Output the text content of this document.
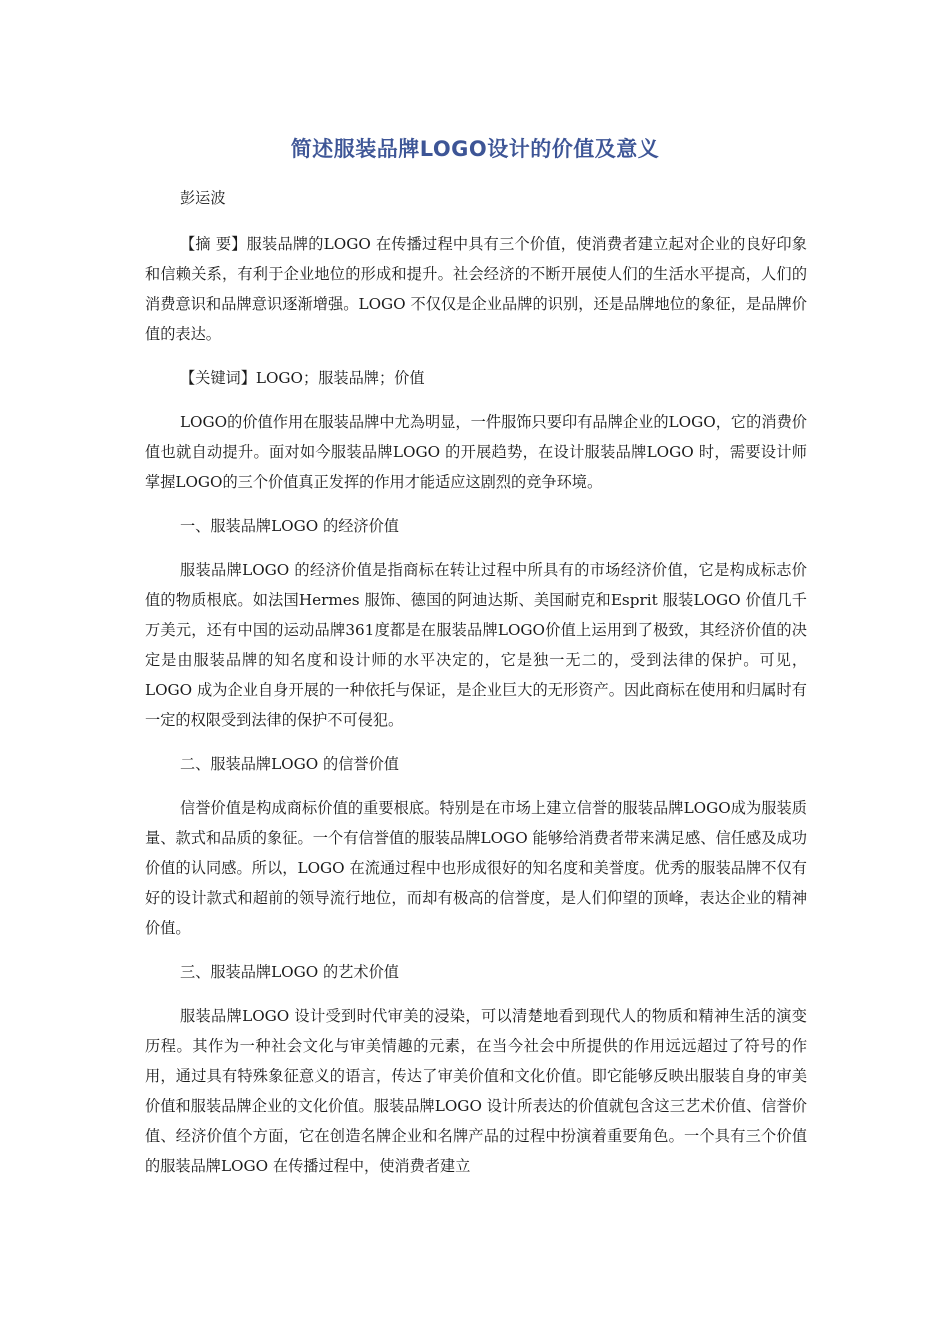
简述服装品牌LOGO设计的价值及意义

彭运波

【摘 要】服装品牌的LOGO 在传播过程中具有三个价值，使消费者建立起对企业的良好印象和信赖关系，有利于企业地位的形成和提升。社会经济的不断开展使人们的生活水平提高，人们的消费意识和品牌意识逐渐增强。LOGO 不仅仅是企业品牌的识别，还是品牌地位的象征，是品牌价值的表达。

【关键词】LOGO；服装品牌；价值

LOGO的价值作用在服装品牌中尤為明显，一件服饰只要印有品牌企业的LOGO，它的消费价值也就自动提升。面对如今服装品牌LOGO 的开展趋势，在设计服装品牌LOGO 时，需要设计师掌握LOGO的三个价值真正发挥的作用才能适应这剧烈的竞争环境。

一、服装品牌LOGO 的经济价值

服装品牌LOGO 的经济价值是指商标在转让过程中所具有的市场经济价值，它是构成标志价值的物质根底。如法国Hermes 服饰、德国的阿迪达斯、美国耐克和Esprit 服装LOGO 价值几千万美元，还有中国的运动品牌361度都是在服装品牌LOGO价值上运用到了极致，其经济价值的决定是由服装品牌的知名度和设计师的水平决定的，它是独一无二的，受到法律的保护。可见，LOGO 成为企业自身开展的一种依托与保证，是企业巨大的无形资产。因此商标在使用和归属时有一定的权限受到法律的保护不可侵犯。

二、服装品牌LOGO 的信誉价值

信誉价值是构成商标价值的重要根底。特别是在市场上建立信誉的服装品牌LOGO成为服装质量、款式和品质的象征。一个有信誉值的服装品牌LOGO 能够给消费者带来满足感、信任感及成功价值的认同感。所以，LOGO 在流通过程中也形成很好的知名度和美誉度。优秀的服装品牌不仅有好的设计款式和超前的领导流行地位，而却有极高的信誉度，是人们仰望的顶峰，表达企业的精神价值。

三、服装品牌LOGO 的艺术价值

服装品牌LOGO 设计受到时代审美的浸染，可以清楚地看到现代人的物质和精神生活的演变历程。其作为一种社会文化与审美情趣的元素，在当今社会中所提供的作用远远超过了符号的作用，通过具有特殊象征意义的语言，传达了审美价值和文化价值。即它能够反映出服装自身的审美价值和服装品牌企业的文化价值。服装品牌LOGO 设计所表达的价值就包含这三艺术价值、信誉价值、经济价值个方面，它在创造名牌企业和名牌产品的过程中扮演着重要角色。一个具有三个价值的服装品牌LOGO 在传播过程中，使消费者建立
